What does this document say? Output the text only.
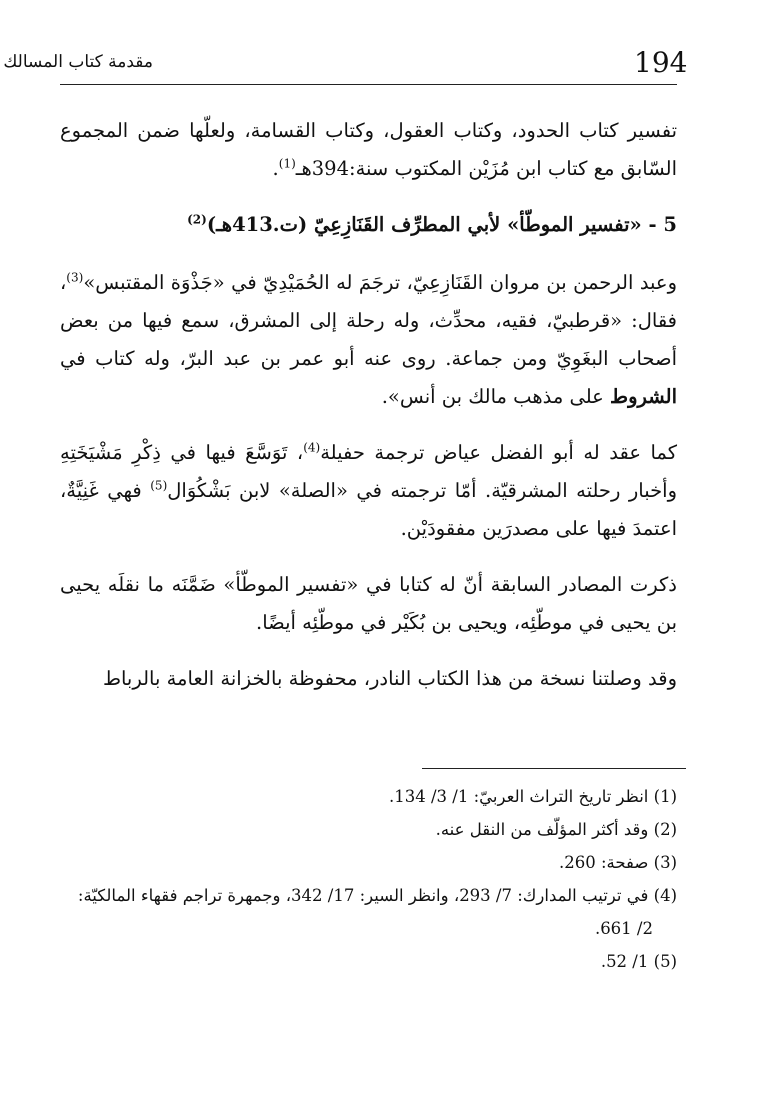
194
مقدمة كتاب المسالك

تفسير كتاب الحدود، وكتاب العقول، وكتاب القسامة، ولعلّها ضمن المجموع السّابق مع كتاب ابن مُزَيْن المكتوب سنة:394هـ$^{(1)}$.

5 - «تفسير الموطّأ» لأبي المطرِّف القَنَازِعِيّ (ت.413هـ)$^{(2)}$

وعبد الرحمن بن مروان القَنَازِعِيّ، ترجَمَ له الحُمَيْدِيّ في «جَذْوَة المقتبس»$^{(3)}$، فقال: «قرطبيّ، فقيه، محدِّث، وله رحلة إلى المشرق، سمع فيها من بعض أصحاب البغَوِيّ ومن جماعة. روى عنه أبو عمر بن عبد البرّ، وله كتاب في الشروط على مذهب مالك بن أنس».

كما عقد له أبو الفضل عياض ترجمة حفيلة$^{(4)}$، تَوَسَّعَ فيها في ذِكْرِ مَشْيَخَتِهِ وأخبار رحلته المشرقيّة. أمّا ترجمته في «الصلة» لابن بَشْكُوَال$^{(5)}$ فهي غَنِيَّةٌ، اعتمدَ فيها على مصدرَين مفقودَيْن.

ذكرت المصادر السابقة أنّ له كتابا في «تفسير الموطّأ» ضَمَّنَه ما نقلَه يحيى بن يحيى في موطّئِه، ويحيى بن بُكَيْر في موطّئِه أيضًا.

وقد وصلتنا نسخة من هذا الكتاب النادر، محفوظة بالخزانة العامة بالرباط

(1) انظر تاريخ التراث العربيّ: 1/ 3/ 134.

(2) وقد أكثر المؤلّف من النقل عنه.

(3) صفحة: 260.

(4) في ترتيب المدارك: 7/ 293، وانظر السير: 17/ 342، وجمهرة تراجم فقهاء المالكيّة:

2/ 661.

(5) 1/ 52.
